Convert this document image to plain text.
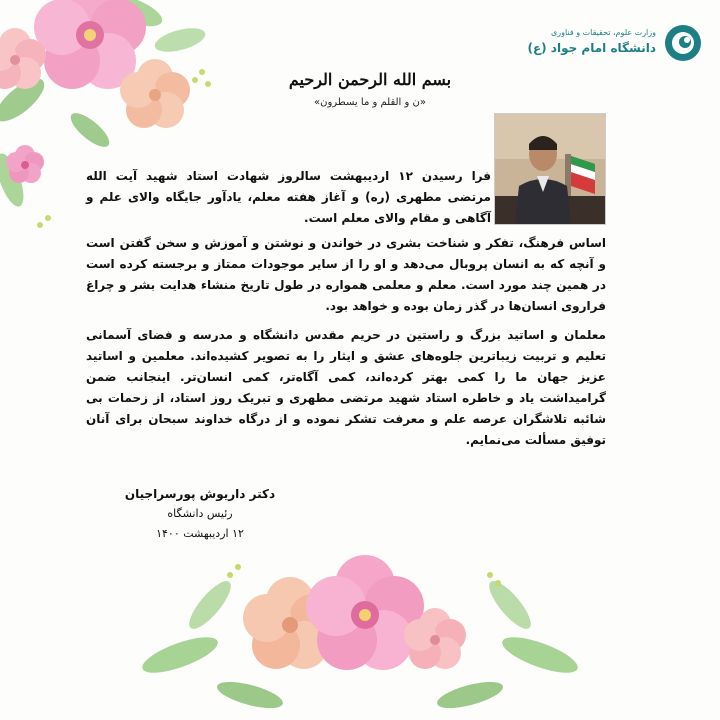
وزارت علوم، تحقیقات و فناوری
دانشگاه امام جواد (ع)
بسم الله الرحمن الرحیم
«ن و القلم و ما یسطرون»
فرا رسیدن ۱۲ اردیبهشت سالروز شهادت استاد شهید آیت الله مرتضی مطهری (ره) و آغاز هفته معلم، یادآور جایگاه والای علم و آگاهی و مقام والای معلم است.
اساس فرهنگ، تفکر و شناخت بشری در خواندن و نوشتن و آموزش و سخن گفتن است و آنچه که به انسان پروبال می‌دهد و او را از سایر موجودات ممتاز و برجسته کرده است در همین چند مورد است. معلم و معلمی همواره در طول تاریخ منشاء هدایت بشر و چراغ فراروی انسان‌ها در گذر زمان بوده و خواهد بود.
معلمان و اساتید بزرگ و راستین در حریم مقدس دانشگاه و مدرسه و فضای آسمانی تعلیم و تربیت زیباترین جلوه‌های عشق و ایثار را به تصویر کشیده‌اند. معلمین و اساتید عزیز جهان ما را کمی بهتر کرده‌اند، کمی آگاه‌تر، کمی انسان‌تر. اینجانب ضمن گرامیداشت یاد و خاطره استاد شهید مرتضی مطهری و تبریک روز استاد، از زحمات بی شائبه تلاشگران عرصه علم و معرفت تشکر نموده و از درگاه خداوند سبحان برای آنان توفیق مسألت می‌نمایم.
دکتر داریوش پورسراجیان
رئیس دانشگاه
۱۲ اردیبهشت ۱۴۰۰
